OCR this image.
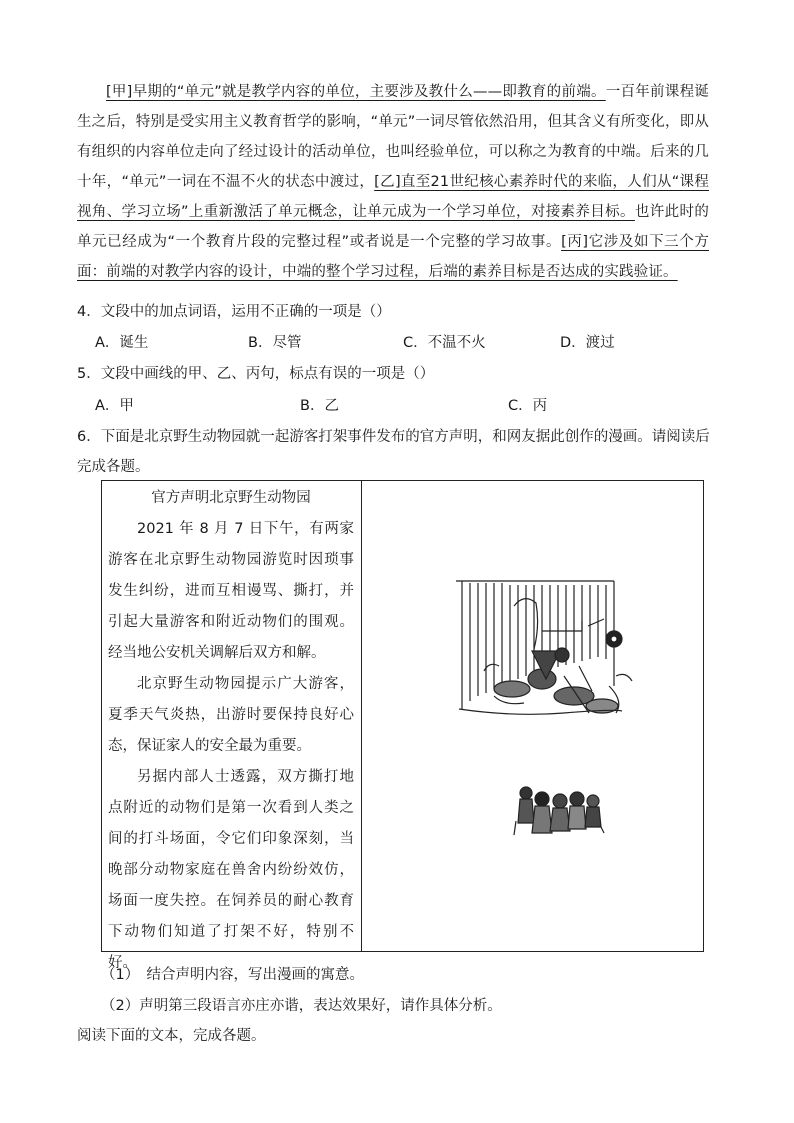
[甲]早期的“单元”就是教学内容的单位，主要涉及教什么——即教育的前端。一百年前课程诞生之后，特别是受实用主义教育哲学的影响，“单元”一词尽管依然沿用，但其含义有所变化，即从有组织的内容单位走向了经过设计的活动单位，也叫经验单位，可以称之为教育的中端。后来的几十年，“单元”一词在不温不火的状态中渡过，[乙]直至21世纪核心素养时代的来临，人们从“课程视角、学习立场”上重新激活了单元概念，让单元成为一个学习单位，对接素养目标。也许此时的单元已经成为“一个教育片段的完整过程”或者说是一个完整的学习故事。[丙]它涉及如下三个方面：前端的对教学内容的设计，中端的整个学习过程，后端的素养目标是否达成的实践验证。
4．文段中的加点词语，运用不正确的一项是（）
A．诞生	B．尽管	C．不温不火	D．渡过
5．文段中画线的甲、乙、丙句，标点有误的一项是（）
A．甲	B．乙	C．丙
6．下面是北京野生动物园就一起游客打架事件发布的官方声明，和网友据此创作的漫画。请阅读后
完成各题。
官方声明北京野生动物园

2021 年 8 月 7 日下午，有两家游客在北京野生动物园游览时因琐事发生纠纷，进而互相谩骂、撕打，并引起大量游客和附近动物们的围观。经当地公安机关调解后双方和解。

北京野生动物园提示广大游客，夏季天气炎热，出游时要保持良好心态，保证家人的安全最为重要。

另据内部人士透露，双方撕打地点附近的动物们是第一次看到人类之间的打斗场面，令它们印象深刻，当晚部分动物家庭在兽舍内纷纷效仿，场面一度失控。在饲养员的耐心教育下动物们知道了打架不好，特别不好。

（1）　结合声明内容，写出漫画的寓意。
（2）声明第三段语言亦庄亦谐，表达效果好，请作具体分析。
阅读下面的文本，完成各题。
